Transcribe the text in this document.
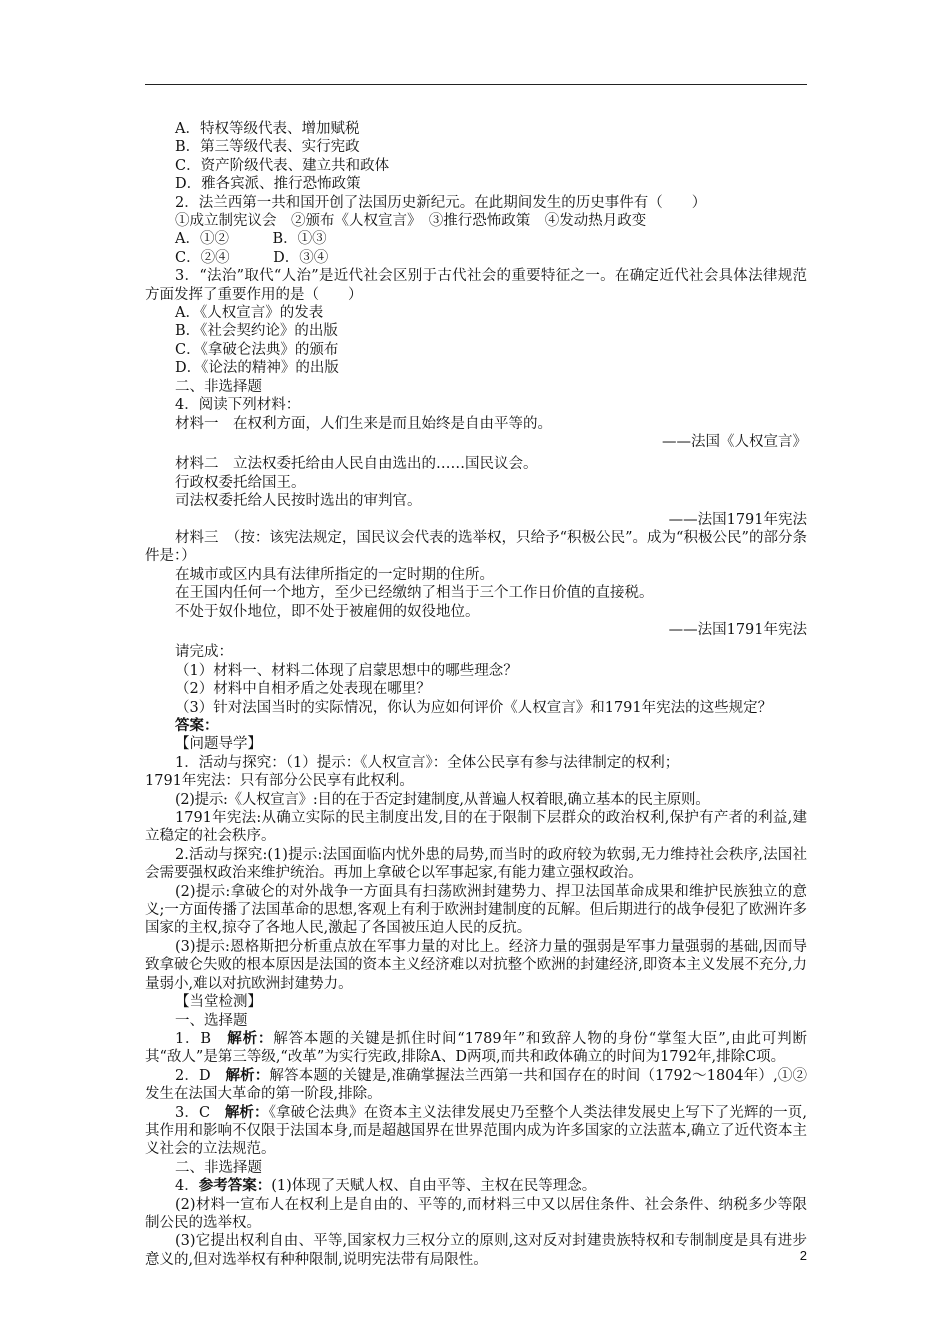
A．特权等级代表、增加赋税
B．第三等级代表、实行宪政
C．资产阶级代表、建立共和政体
D．雅各宾派、推行恐怖政策
2．法兰西第一共和国开创了法国历史新纪元。在此期间发生的历史事件有（　　）
①成立制宪议会　②颁布《人权宣言》　③推行恐怖政策　④发动热月政变
A．①②　　　B．①③
C．②④　　　D．③④
3．“法治”取代“人治”是近代社会区别于古代社会的重要特征之一。在确定近代社会具体法律规范方面发挥了重要作用的是（　　）
A．《人权宣言》的发表
B．《社会契约论》的出版
C．《拿破仑法典》的颁布
D．《论法的精神》的出版
二、非选择题
4．阅读下列材料：
材料一　在权利方面，人们生来是而且始终是自由平等的。
——法国《人权宣言》
材料二　立法权委托给由人民自由选出的……国民议会。
行政权委托给国王。
司法权委托给人民按时选出的审判官。
——法国1791年宪法
材料三　（按：该宪法规定，国民议会代表的选举权，只给予“积极公民”。成为“积极公民”的部分条件是：）
在城市或区内具有法律所指定的一定时期的住所。
在王国内任何一个地方，至少已经缴纳了相当于三个工作日价值的直接税。
不处于奴仆地位，即不处于被雇佣的奴役地位。
——法国1791年宪法
请完成：
（1）材料一、材料二体现了启蒙思想中的哪些理念？
（2）材料中自相矛盾之处表现在哪里？
（3）针对法国当时的实际情况，你认为应如何评价《人权宣言》和1791年宪法的这些规定？
答案：
【问题导学】
1．活动与探究：（1）提示：《人权宣言》：全体公民享有参与法律制定的权利；
1791年宪法：只有部分公民享有此权利。
(2)提示:《人权宣言》:目的在于否定封建制度,从普遍人权着眼,确立基本的民主原则。
1791年宪法:从确立实际的民主制度出发,目的在于限制下层群众的政治权利,保护有产者的利益,建立稳定的社会秩序。
2.活动与探究:(1)提示:法国面临内忧外患的局势,而当时的政府较为软弱,无力维持社会秩序,法国社会需要强权政治来维护统治。再加上拿破仑以军事起家,有能力建立强权政治。
(2)提示:拿破仑的对外战争一方面具有扫荡欧洲封建势力、捍卫法国革命成果和维护民族独立的意义;一方面传播了法国革命的思想,客观上有利于欧洲封建制度的瓦解。但后期进行的战争侵犯了欧洲许多国家的主权,掠夺了各地人民,激起了各国被压迫人民的反抗。
(3)提示:恩格斯把分析重点放在军事力量的对比上。经济力量的强弱是军事力量强弱的基础,因而导致拿破仑失败的根本原因是法国的资本主义经济难以对抗整个欧洲的封建经济,即资本主义发展不充分,力量弱小,难以对抗欧洲封建势力。
【当堂检测】
一、选择题
1．B　解析：解答本题的关键是抓住时间“1789年”和致辞人物的身份“掌玺大臣”,由此可判断其“敌人”是第三等级,“改革”为实行宪政,排除A、D两项,而共和政体确立的时间为1792年,排除C项。
2．D　解析：解答本题的关键是,准确掌握法兰西第一共和国存在的时间（1792～1804年）,①②发生在法国大革命的第一阶段,排除。
3．C　解析：《拿破仑法典》在资本主义法律发展史乃至整个人类法律发展史上写下了光辉的一页,其作用和影响不仅限于法国本身,而是超越国界在世界范围内成为许多国家的立法蓝本,确立了近代资本主义社会的立法规范。
二、非选择题
4．参考答案：(1)体现了天赋人权、自由平等、主权在民等理念。
(2)材料一宣布人在权利上是自由的、平等的,而材料三中又以居住条件、社会条件、纳税多少等限制公民的选举权。
(3)它提出权利自由、平等,国家权力三权分立的原则,这对反对封建贵族特权和专制制度是具有进步意义的,但对选举权有种种限制,说明宪法带有局限性。	2
